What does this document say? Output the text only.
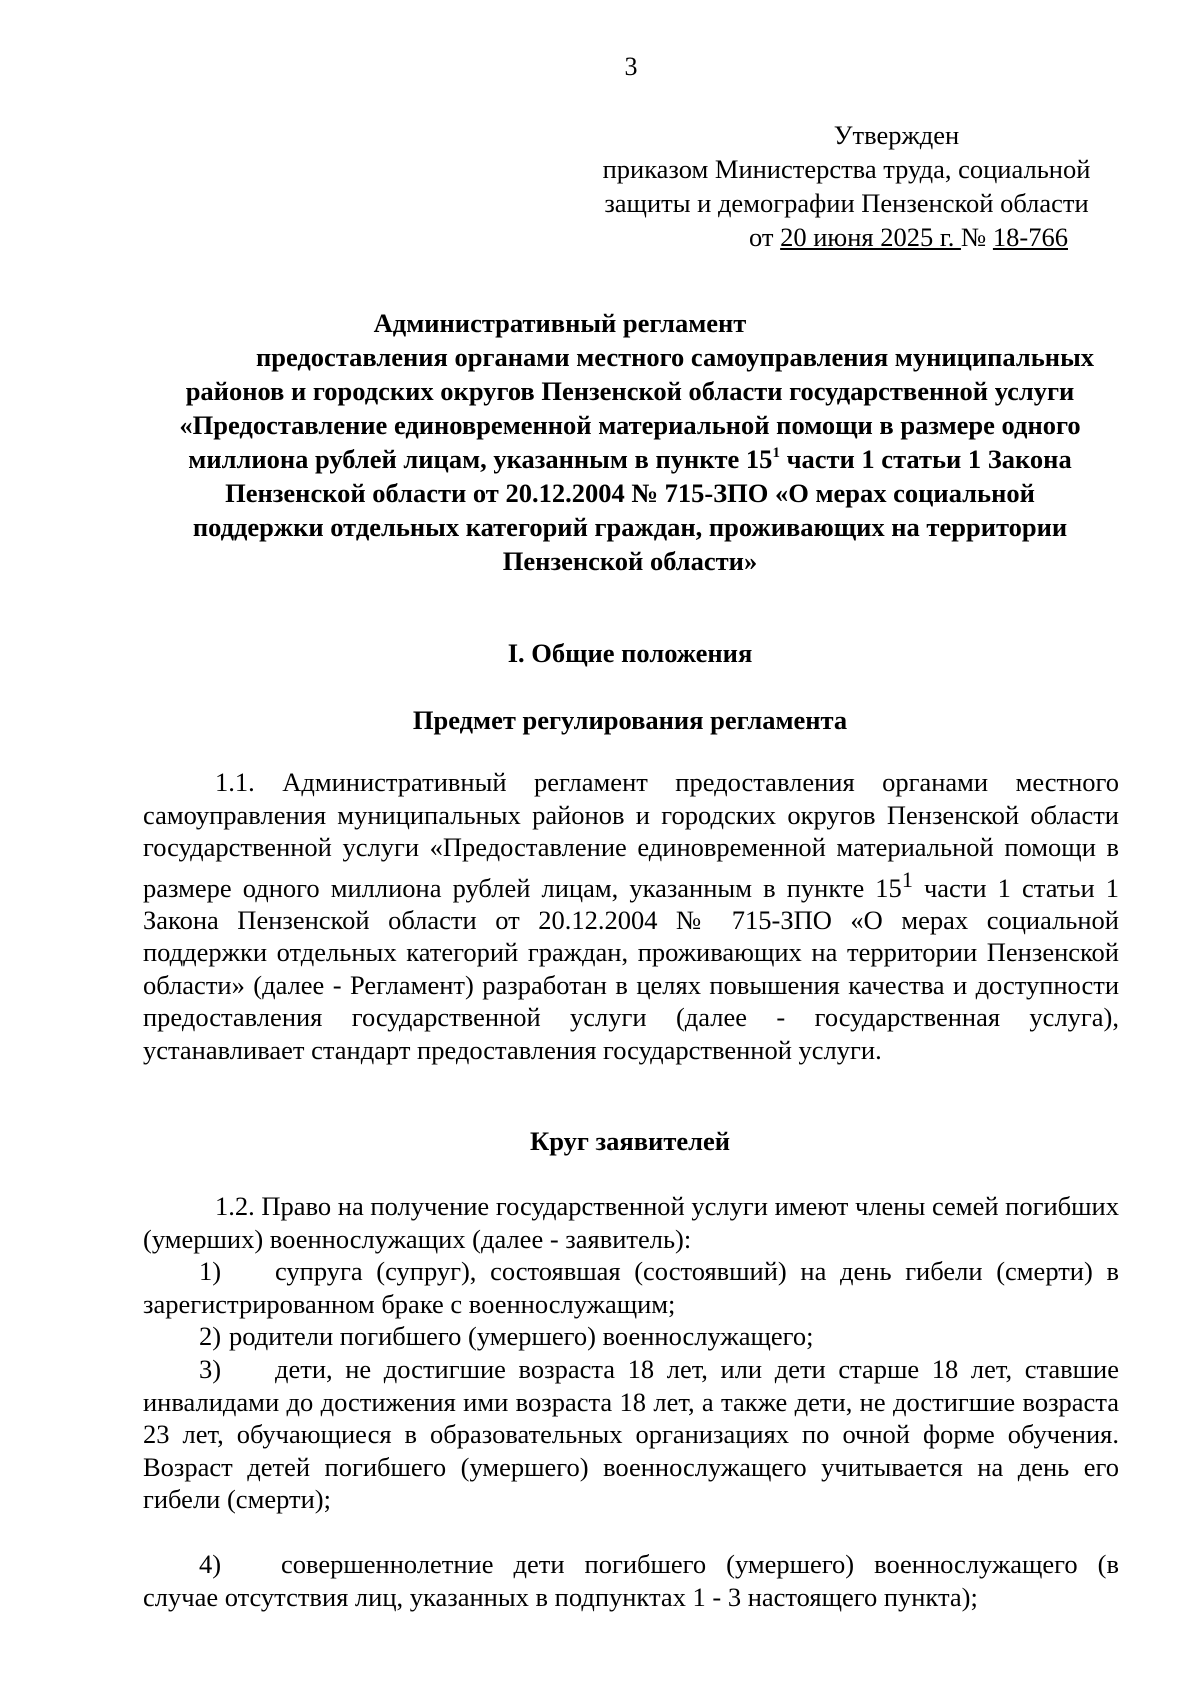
3
Утвержден
приказом Министерства труда, социальной
защиты и демографии Пензенской области
от 20 июня 2025 г. № 18-766
Административный регламент
предоставления органами местного самоуправления муниципальных
районов и городских округов Пензенской области государственной услуги
«Предоставление единовременной материальной помощи в размере одного
миллиона рублей лицам, указанным в пункте $15^1$ части 1 статьи 1 Закона
Пензенской области от 20.12.2004 № 715-ЗПО «О мерах социальной
поддержки отдельных категорий граждан, проживающих на территории
Пензенской области»
I. Общие положения
Предмет регулирования регламента
1.1. Административный регламент предоставления органами местного самоуправления муниципальных районов и городских округов Пензенской области государственной услуги «Предоставление единовременной материальной помощи в размере одного миллиона рублей лицам, указанным в пункте $15^1$ части 1 статьи 1 Закона Пензенской области от 20.12.2004 № 715-ЗПО «О мерах социальной поддержки отдельных категорий граждан, проживающих на территории Пензенской области» (далее - Регламент) разработан в целях повышения качества и доступности предоставления государственной услуги (далее - государственная услуга), устанавливает стандарт предоставления государственной услуги.
Круг заявителей
1.2. Право на получение государственной услуги имеют члены семей погибших (умерших) военнослужащих (далее - заявитель):
1) супруга (супруг), состоявшая (состоявший) на день гибели (смерти) в зарегистрированном браке с военнослужащим;
2) родители погибшего (умершего) военнослужащего;
3) дети, не достигшие возраста 18 лет, или дети старше 18 лет, ставшие инвалидами до достижения ими возраста 18 лет, а также дети, не достигшие возраста 23 лет, обучающиеся в образовательных организациях по очной форме обучения. Возраст детей погибшего (умершего) военнослужащего учитывается на день его гибели (смерти);
4) совершеннолетние дети погибшего (умершего) военнослужащего (в случае отсутствия лиц, указанных в подпунктах 1 - 3 настоящего пункта);
